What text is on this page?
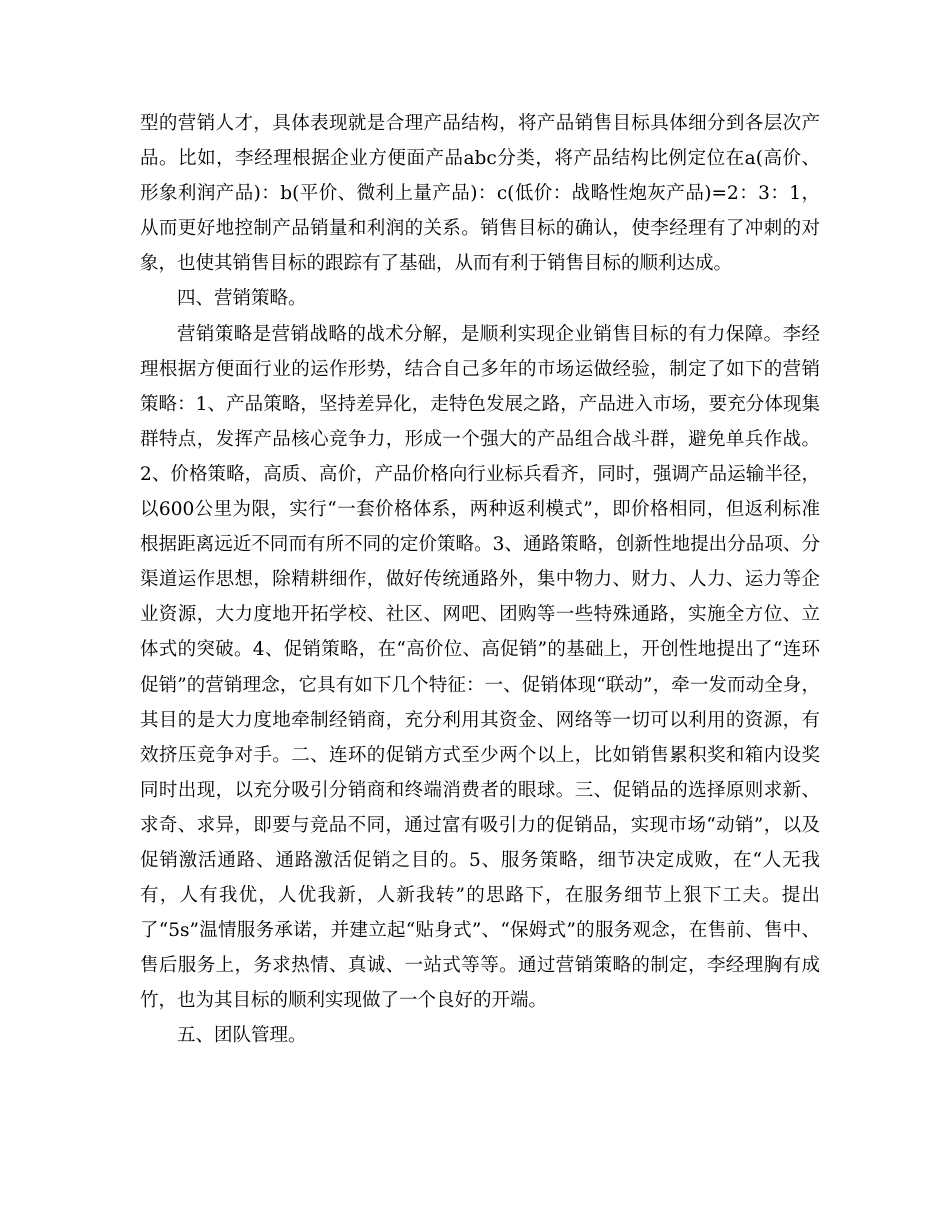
型的营销人才，具体表现就是合理产品结构，将产品销售目标具体细分到各层次产品。比如，李经理根据企业方便面产品abc分类，将产品结构比例定位在a(高价、形象利润产品)：b(平价、微利上量产品)：c(低价：战略性炮灰产品)=2：3：1，从而更好地控制产品销量和利润的关系。销售目标的确认，使李经理有了冲刺的对象，也使其销售目标的跟踪有了基础，从而有利于销售目标的顺利达成。

四、营销策略。

营销策略是营销战略的战术分解，是顺利实现企业销售目标的有力保障。李经理根据方便面行业的运作形势，结合自己多年的市场运做经验，制定了如下的营销策略：1、产品策略，坚持差异化，走特色发展之路，产品进入市场，要充分体现集群特点，发挥产品核心竞争力，形成一个强大的产品组合战斗群，避免单兵作战。2、价格策略，高质、高价，产品价格向行业标兵看齐，同时，强调产品运输半径，以600公里为限，实行“一套价格体系，两种返利模式”，即价格相同，但返利标准根据距离远近不同而有所不同的定价策略。3、通路策略，创新性地提出分品项、分渠道运作思想，除精耕细作，做好传统通路外，集中物力、财力、人力、运力等企业资源，大力度地开拓学校、社区、网吧、团购等一些特殊通路，实施全方位、立体式的突破。4、促销策略，在“高价位、高促销”的基础上，开创性地提出了“连环促销”的营销理念，它具有如下几个特征：一、促销体现“联动”，牵一发而动全身，其目的是大力度地牵制经销商，充分利用其资金、网络等一切可以利用的资源，有效挤压竞争对手。二、连环的促销方式至少两个以上，比如销售累积奖和箱内设奖同时出现，以充分吸引分销商和终端消费者的眼球。三、促销品的选择原则求新、求奇、求异，即要与竞品不同，通过富有吸引力的促销品，实现市场“动销”，以及促销激活通路、通路激活促销之目的。5、服务策略，细节决定成败，在“人无我有，人有我优，人优我新，人新我转”的思路下，在服务细节上狠下工夫。提出了“5s”温情服务承诺，并建立起“贴身式”、“保姆式”的服务观念，在售前、售中、售后服务上，务求热情、真诚、一站式等等。通过营销策略的制定，李经理胸有成竹，也为其目标的顺利实现做了一个良好的开端。

五、团队管理。
